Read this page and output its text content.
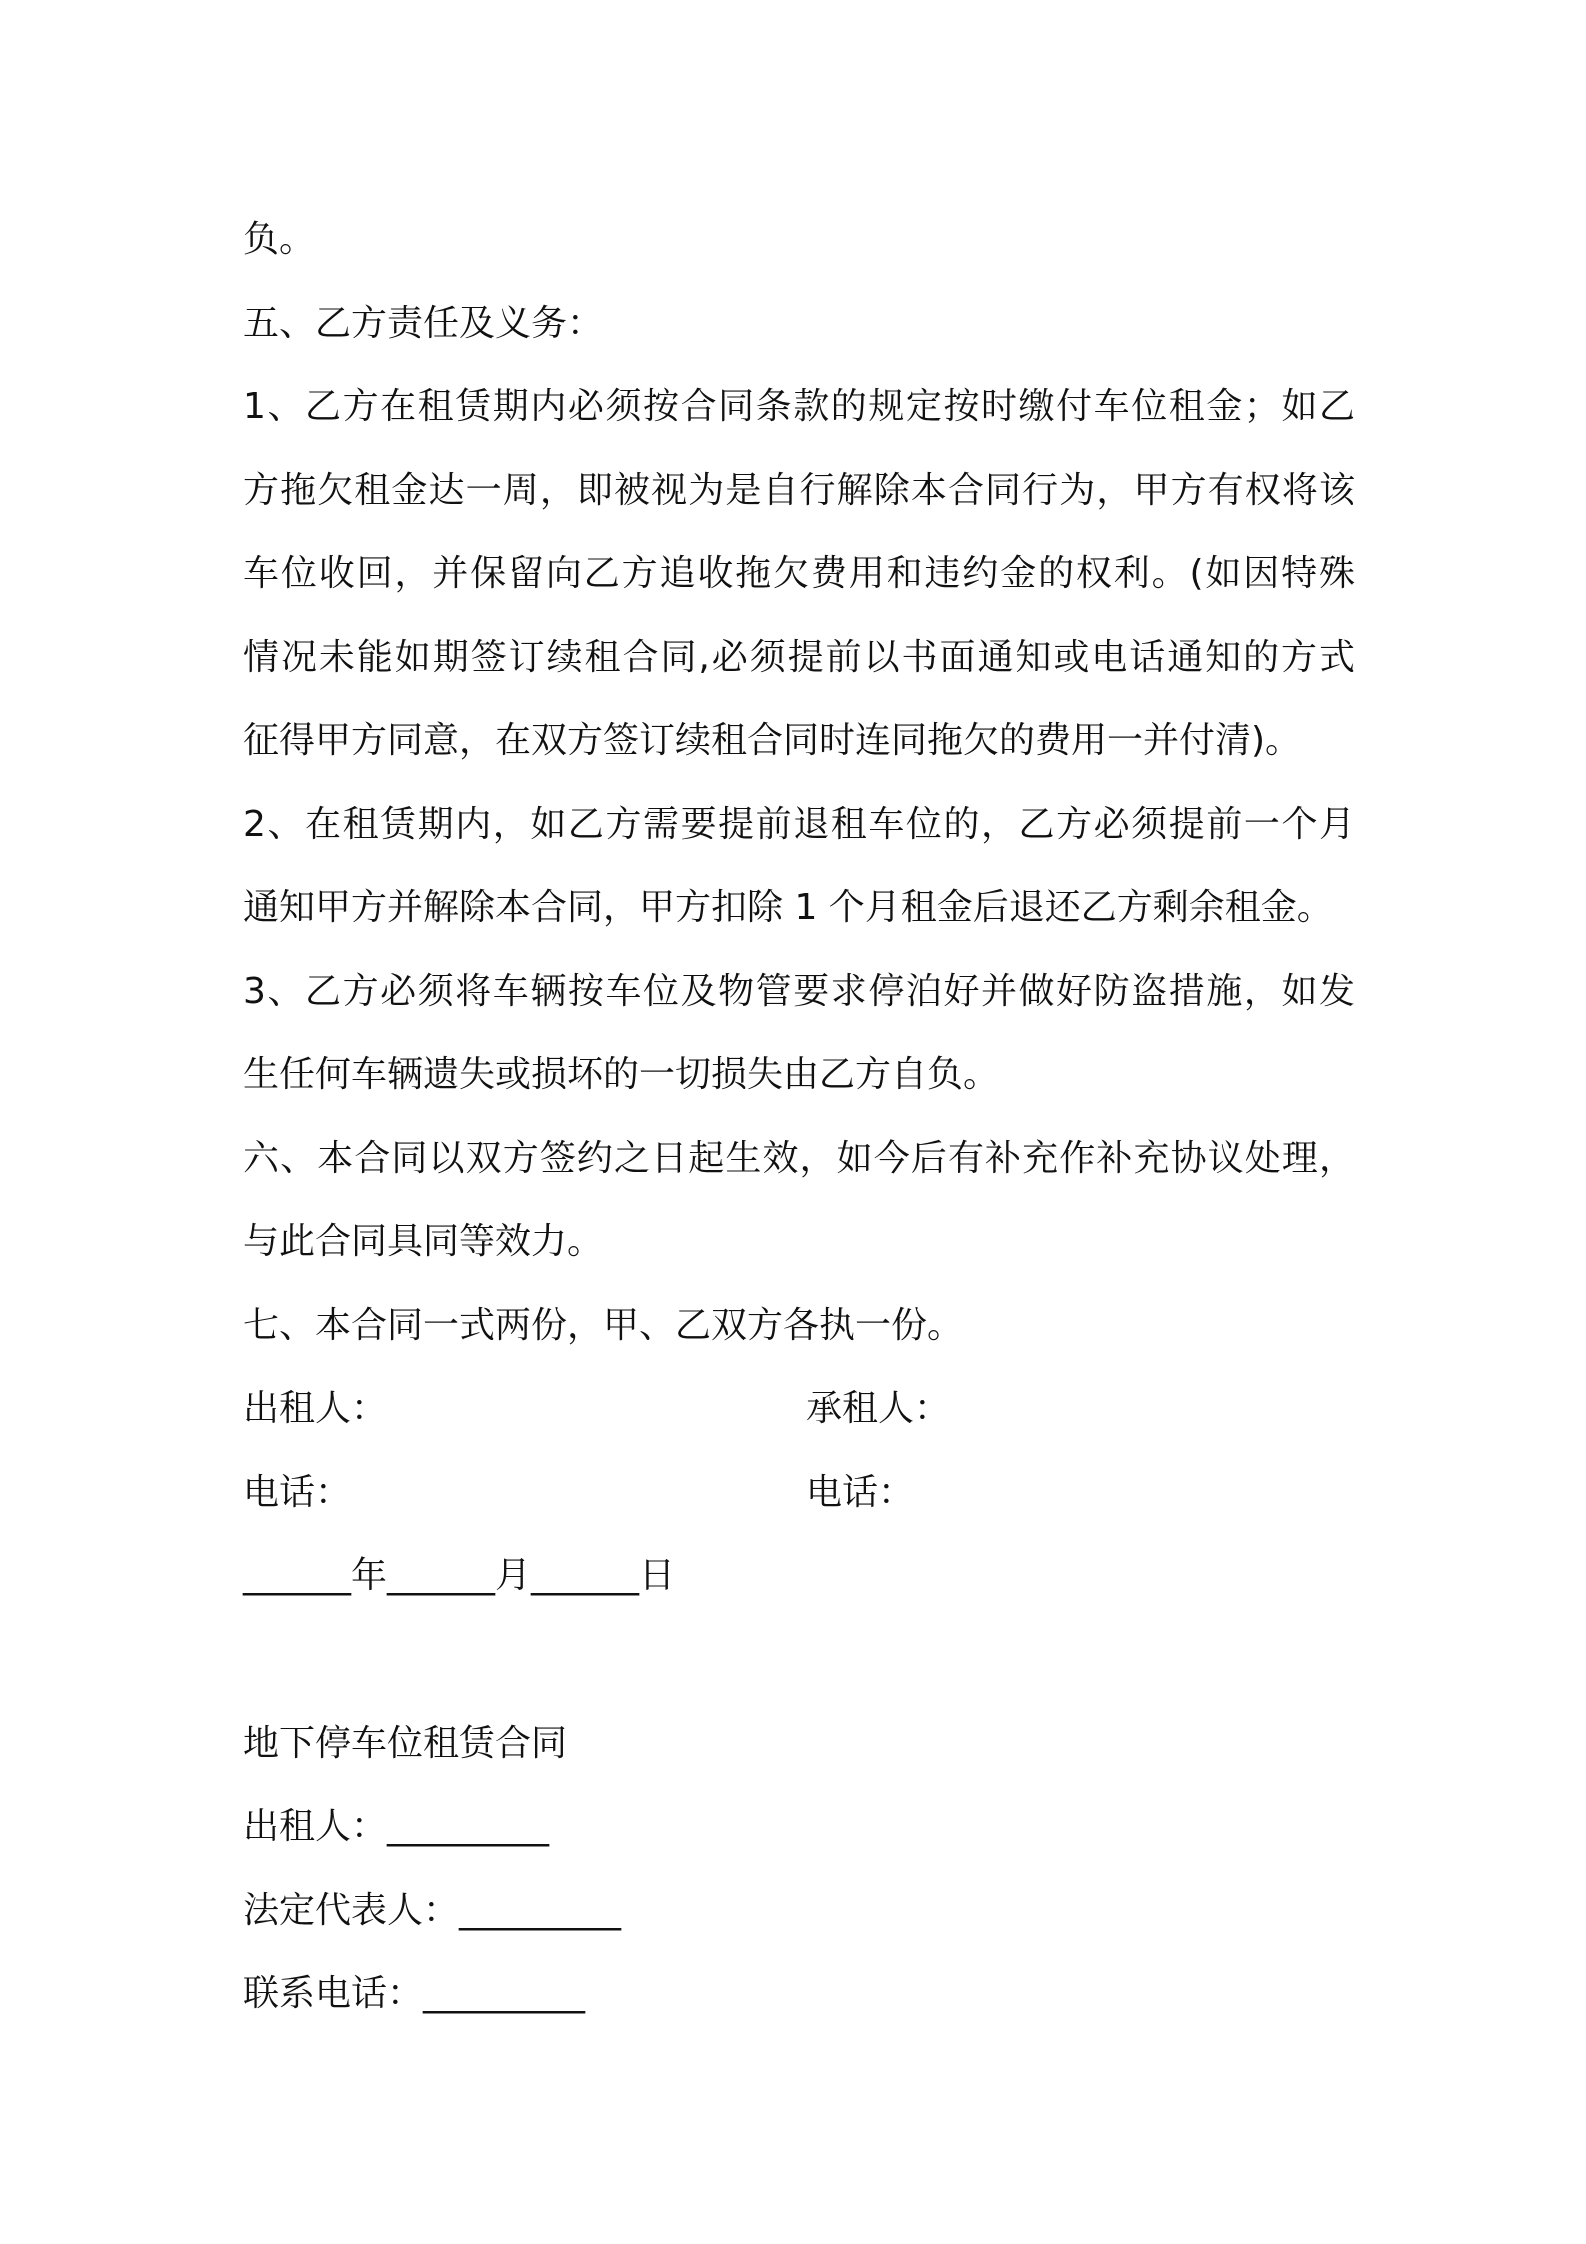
负。
五、乙方责任及义务：
1、乙方在租赁期内必须按合同条款的规定按时缴付车位租金；如乙
方拖欠租金达一周，即被视为是自行解除本合同行为，甲方有权将该
车位收回，并保留向乙方追收拖欠费用和违约金的权利。(如因特殊
情况未能如期签订续租合同,必须提前以书面通知或电话通知的方式
征得甲方同意，在双方签订续租合同时连同拖欠的费用一并付清)。
2、在租赁期内，如乙方需要提前退租车位的，乙方必须提前一个月
通知甲方并解除本合同，甲方扣除 1 个月租金后退还乙方剩余租金。
3、乙方必须将车辆按车位及物管要求停泊好并做好防盗措施，如发
生任何车辆遗失或损坏的一切损失由乙方自负。
六、本合同以双方签约之日起生效，如今后有补充作补充协议处理，
与此合同具同等效力。
七、本合同一式两份，甲、乙双方各执一份。
出租人：	承租人：
电话：	电话：
______年______月______日
地下停车位租赁合同
出租人：_________
法定代表人：_________
联系电话：_________
